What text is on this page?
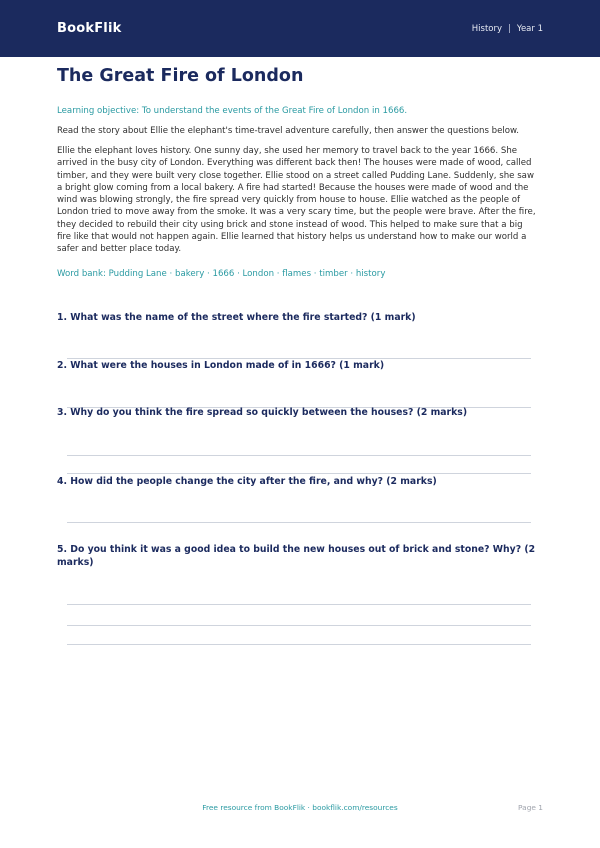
BookFlik	History | Year 1
The Great Fire of London

Learning objective: To understand the events of the Great Fire of London in 1666.

Read the story about Ellie the elephant's time-travel adventure carefully, then answer the questions below.

Ellie the elephant loves history. One sunny day, she used her memory to travel back to the year 1666. She arrived in the busy city of London. Everything was different back then! The houses were made of wood, called timber, and they were built very close together. Ellie stood on a street called Pudding Lane. Suddenly, she saw a bright glow coming from a local bakery. A fire had started! Because the houses were made of wood and the wind was blowing strongly, the fire spread very quickly from house to house. Ellie watched as the people of London tried to move away from the smoke. It was a very scary time, but the people were brave. After the fire, they decided to rebuild their city using brick and stone instead of wood. This helped to make sure that a big fire like that would not happen again. Ellie learned that history helps us understand how to make our world a safer and better place today.

Word bank: Pudding Lane · bakery · 1666 · London · flames · timber · history

1. What was the name of the street where the fire started? (1 mark)
2. What were the houses in London made of in 1666? (1 mark)
3. Why do you think the fire spread so quickly between the houses? (2 marks)
4. How did the people change the city after the fire, and why? (2 marks)
5. Do you think it was a good idea to build the new houses out of brick and stone? Why? (2 marks)
Free resource from BookFlik · bookflik.com/resources	Page 1
